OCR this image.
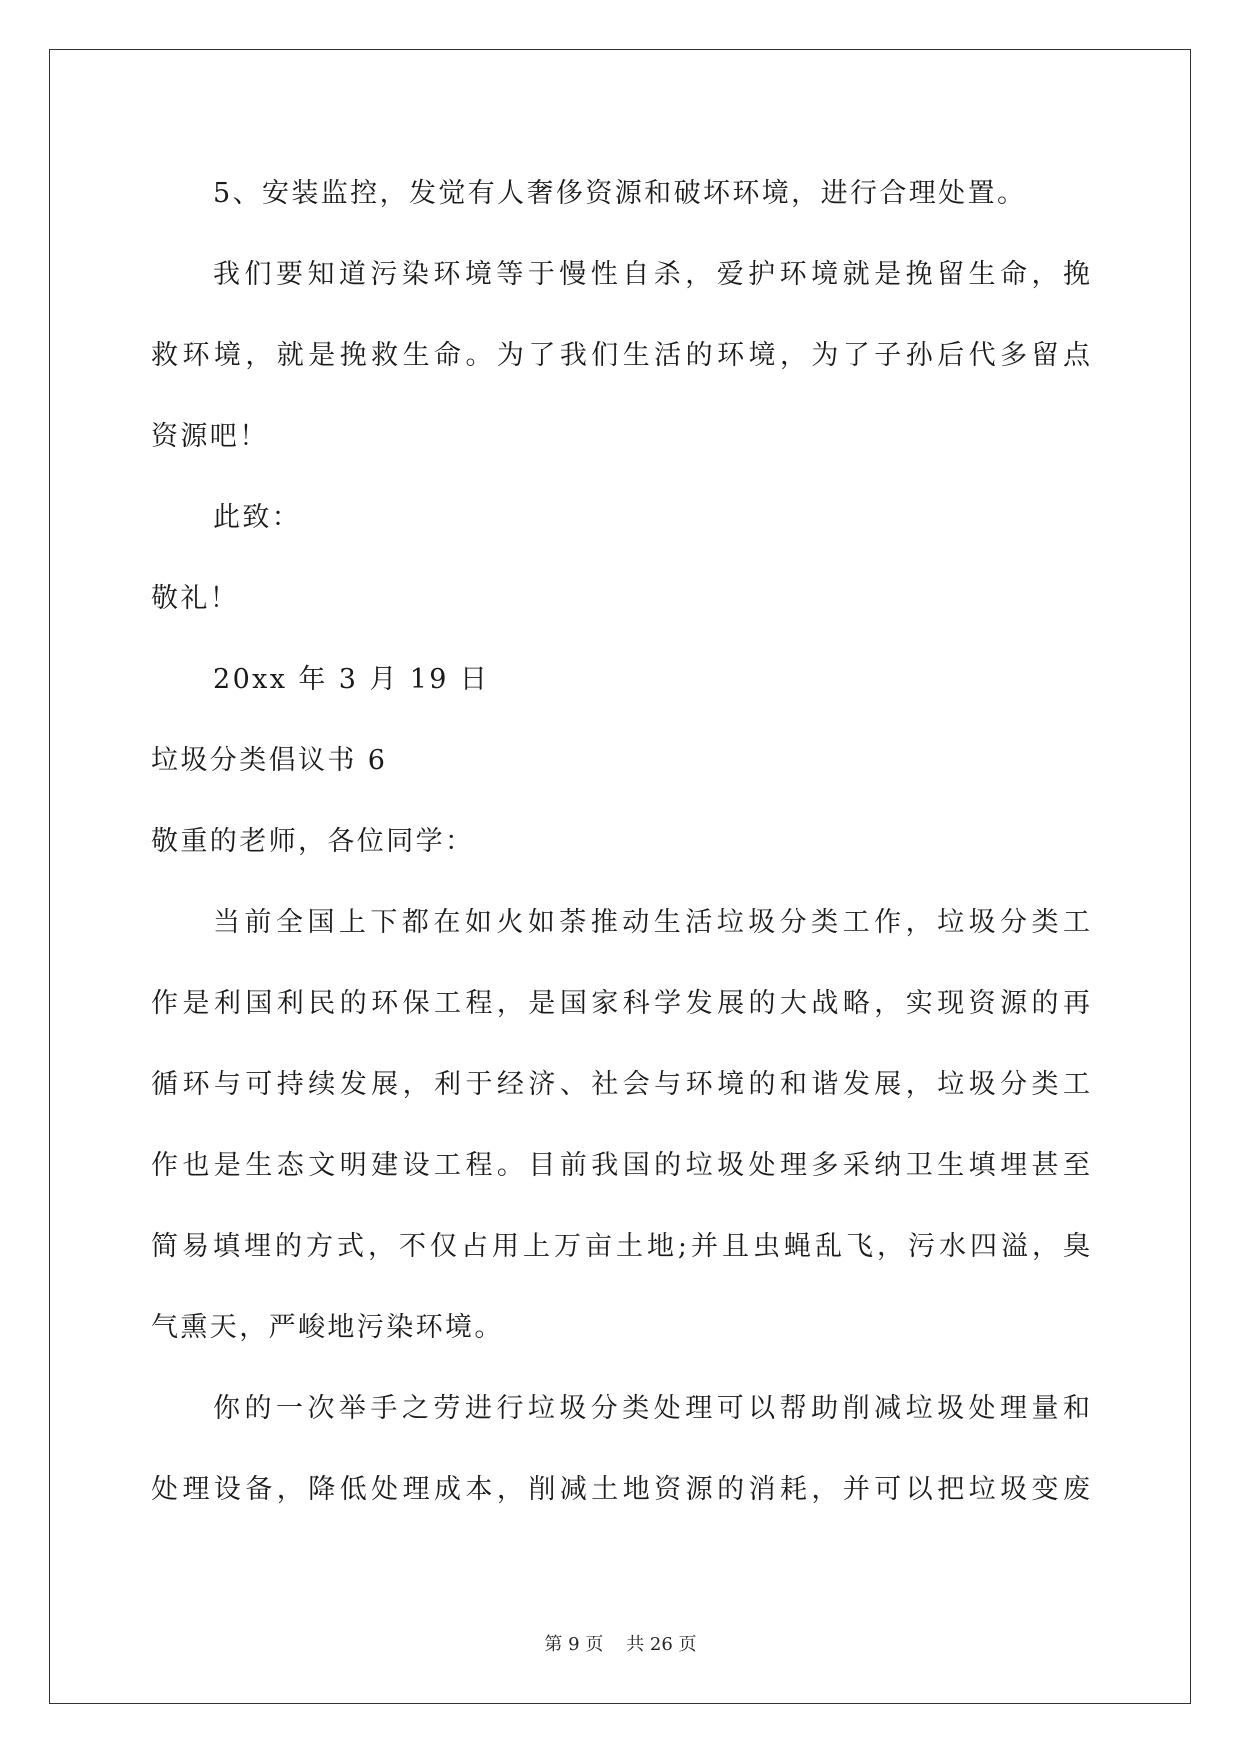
5、安装监控，发觉有人奢侈资源和破坏环境，进行合理处置。
我们要知道污染环境等于慢性自杀，爱护环境就是挽留生命，挽
救环境，就是挽救生命。为了我们生活的环境，为了子孙后代多留点
资源吧！
此致：
敬礼！
20xx 年 3 月 19 日
垃圾分类倡议书 6
敬重的老师，各位同学：
当前全国上下都在如火如荼推动生活垃圾分类工作，垃圾分类工
作是利国利民的环保工程，是国家科学发展的大战略，实现资源的再
循环与可持续发展，利于经济、社会与环境的和谐发展，垃圾分类工
作也是生态文明建设工程。目前我国的垃圾处理多采纳卫生填埋甚至
简易填埋的方式，不仅占用上万亩土地;并且虫蝇乱飞，污水四溢，臭
气熏天，严峻地污染环境。
你的一次举手之劳进行垃圾分类处理可以帮助削减垃圾处理量和
处理设备，降低处理成本，削减土地资源的消耗，并可以把垃圾变废
第 9 页    共 26 页
